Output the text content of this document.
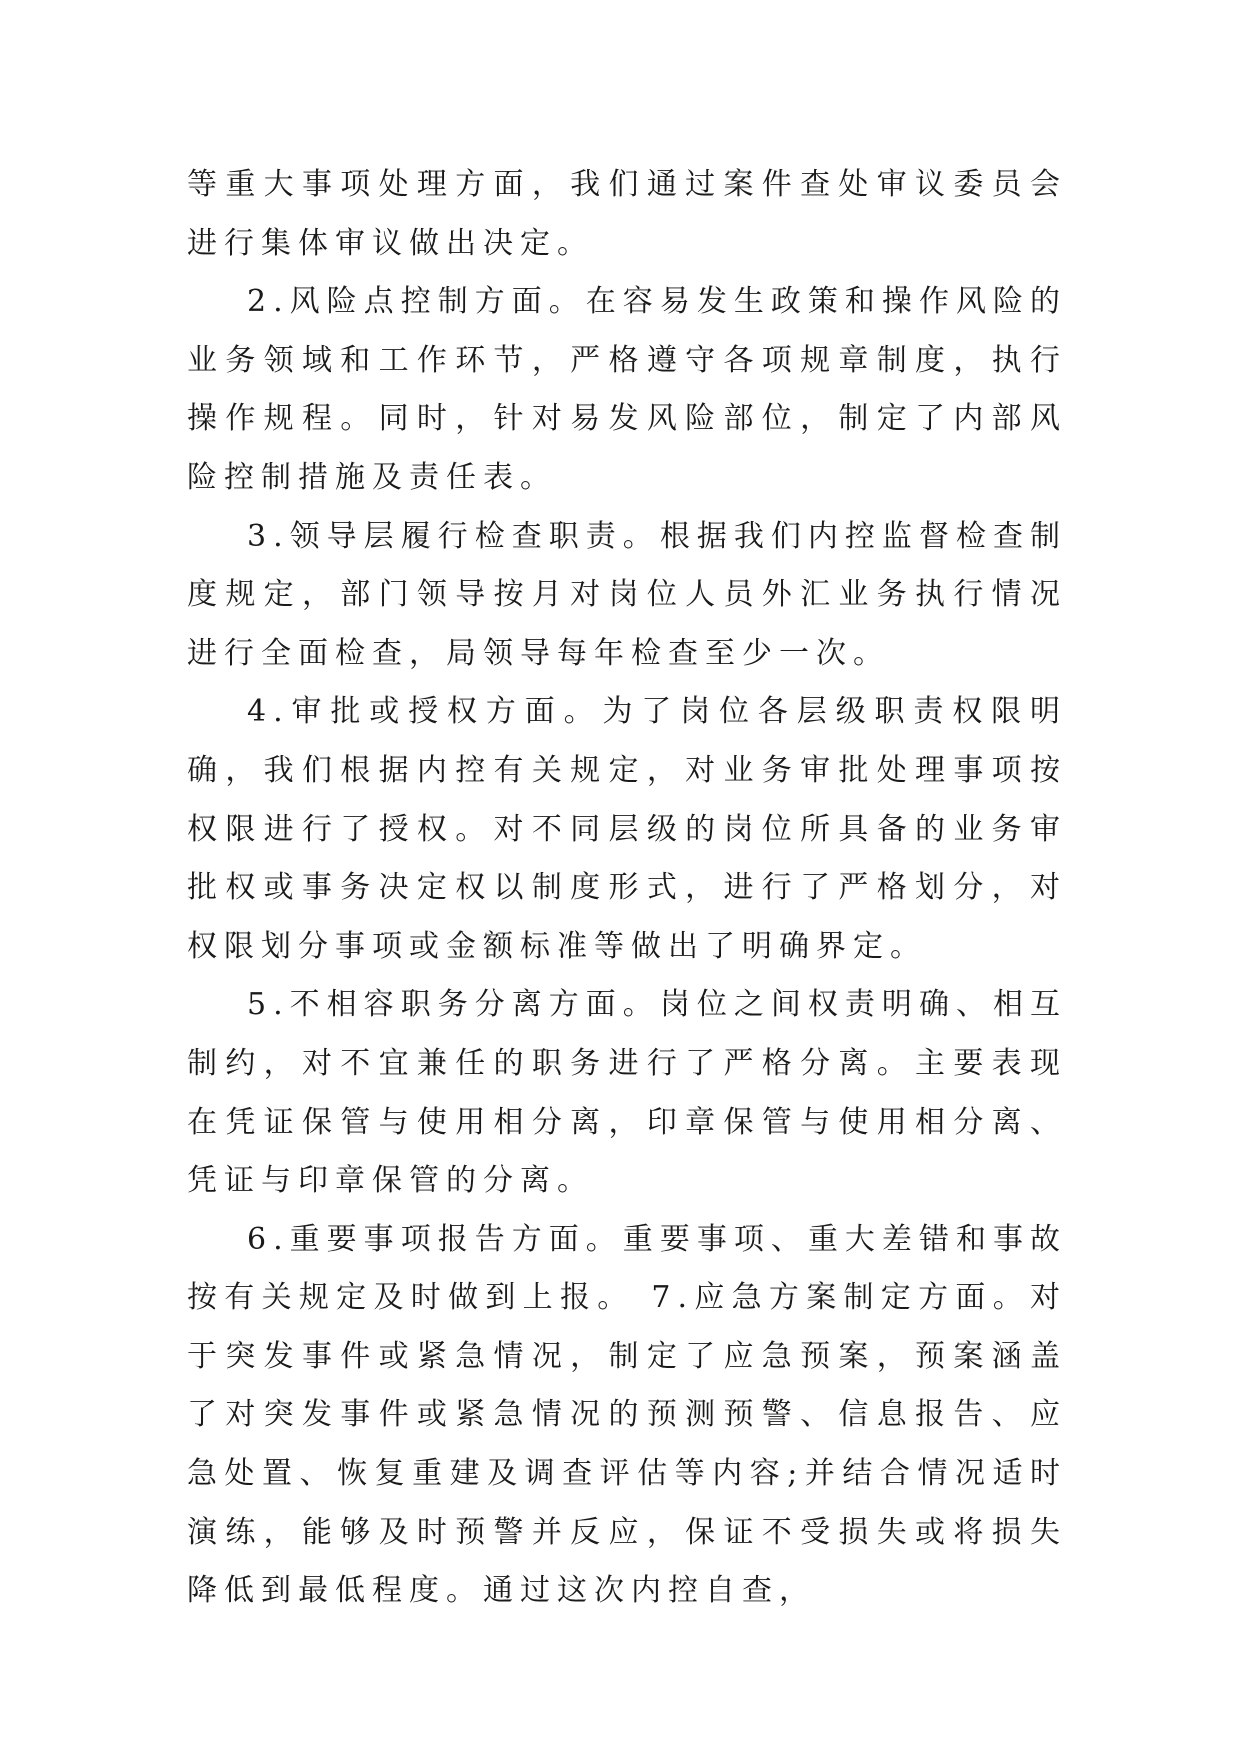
等重大事项处理方面，我们通过案件查处审议委员会进行集体审议做出决定。

2.风险点控制方面。在容易发生政策和操作风险的业务领域和工作环节，严格遵守各项规章制度，执行操作规程。同时，针对易发风险部位，制定了内部风险控制措施及责任表。

3.领导层履行检查职责。根据我们内控监督检查制度规定，部门领导按月对岗位人员外汇业务执行情况进行全面检查，局领导每年检查至少一次。

4.审批或授权方面。为了岗位各层级职责权限明确，我们根据内控有关规定，对业务审批处理事项按权限进行了授权。对不同层级的岗位所具备的业务审批权或事务决定权以制度形式，进行了严格划分，对权限划分事项或金额标准等做出了明确界定。

5.不相容职务分离方面。岗位之间权责明确、相互制约，对不宜兼任的职务进行了严格分离。主要表现在凭证保管与使用相分离，印章保管与使用相分离、凭证与印章保管的分离。

6.重要事项报告方面。重要事项、重大差错和事故按有关规定及时做到上报。 7.应急方案制定方面。对于突发事件或紧急情况，制定了应急预案，预案涵盖了对突发事件或紧急情况的预测预警、信息报告、应急处置、恢复重建及调查评估等内容;并结合情况适时演练，能够及时预警并反应，保证不受损失或将损失降低到最低程度。通过这次内控自查，
